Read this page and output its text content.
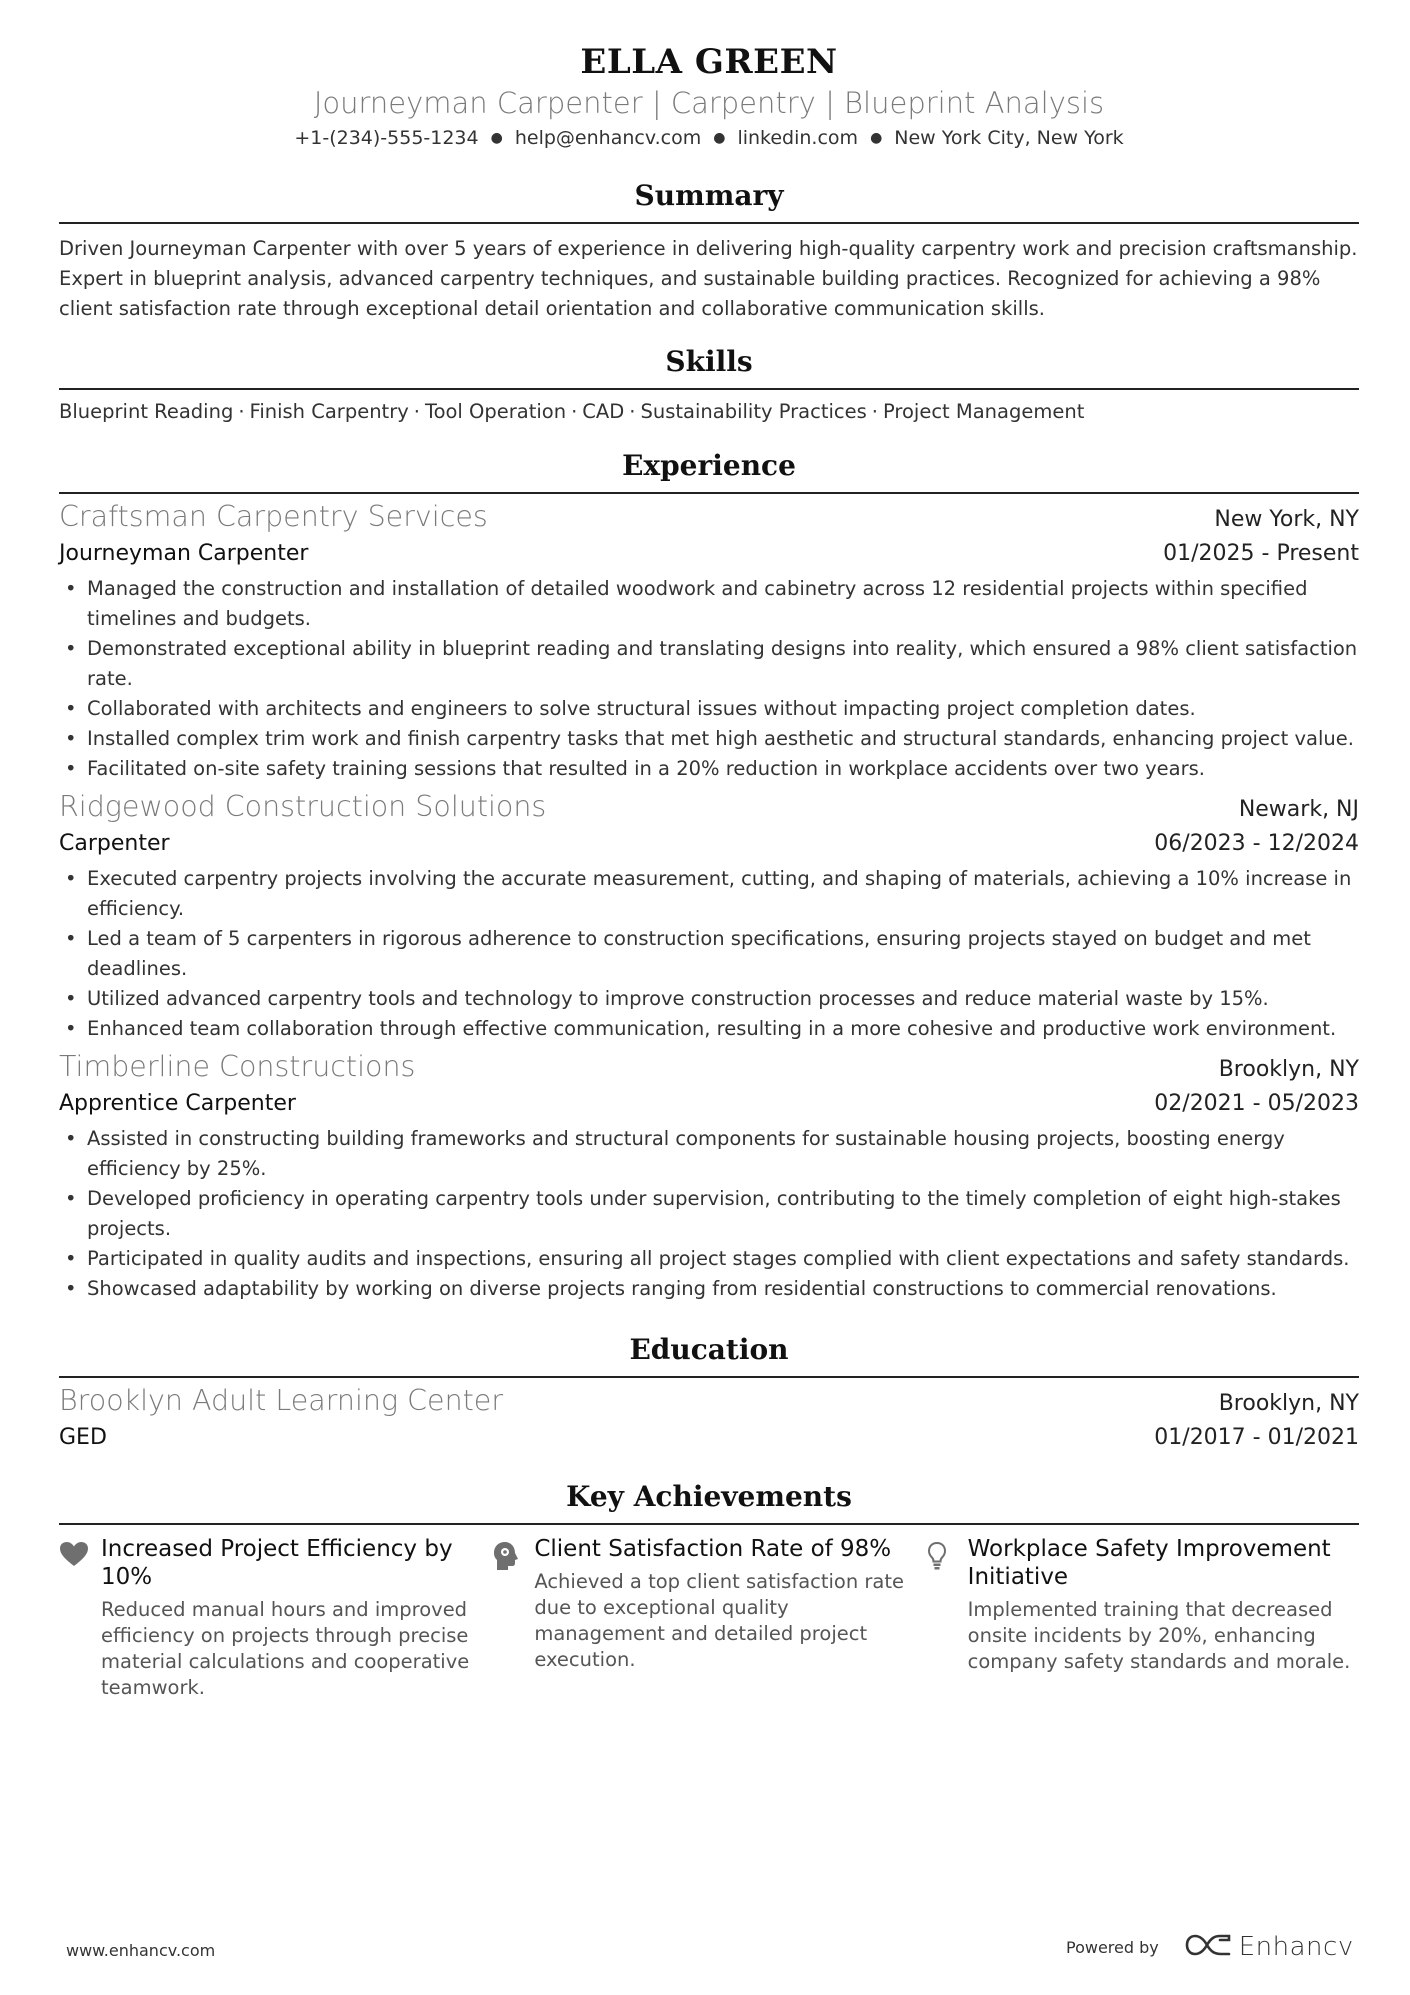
ELLA GREEN
Journeyman Carpenter | Carpentry | Blueprint Analysis
+1-(234)-555-1234 ● help@enhancv.com ● linkedin.com ● New York City, New York
Summary
Driven Journeyman Carpenter with over 5 years of experience in delivering high-quality carpentry work and precision craftsmanship. Expert in blueprint analysis, advanced carpentry techniques, and sustainable building practices. Recognized for achieving a 98% client satisfaction rate through exceptional detail orientation and collaborative communication skills.
Skills
Blueprint Reading · Finish Carpentry · Tool Operation · CAD · Sustainability Practices · Project Management
Experience
Craftsman Carpentry Services	New York, NY
Journeyman Carpenter	01/2025 - Present
• Managed the construction and installation of detailed woodwork and cabinetry across 12 residential projects within specified timelines and budgets.
• Demonstrated exceptional ability in blueprint reading and translating designs into reality, which ensured a 98% client satisfaction rate.
• Collaborated with architects and engineers to solve structural issues without impacting project completion dates.
• Installed complex trim work and finish carpentry tasks that met high aesthetic and structural standards, enhancing project value.
• Facilitated on-site safety training sessions that resulted in a 20% reduction in workplace accidents over two years.
Ridgewood Construction Solutions	Newark, NJ
Carpenter	06/2023 - 12/2024
• Executed carpentry projects involving the accurate measurement, cutting, and shaping of materials, achieving a 10% increase in efficiency.
• Led a team of 5 carpenters in rigorous adherence to construction specifications, ensuring projects stayed on budget and met deadlines.
• Utilized advanced carpentry tools and technology to improve construction processes and reduce material waste by 15%.
• Enhanced team collaboration through effective communication, resulting in a more cohesive and productive work environment.
Timberline Constructions	Brooklyn, NY
Apprentice Carpenter	02/2021 - 05/2023
• Assisted in constructing building frameworks and structural components for sustainable housing projects, boosting energy efficiency by 25%.
• Developed proficiency in operating carpentry tools under supervision, contributing to the timely completion of eight high-stakes projects.
• Participated in quality audits and inspections, ensuring all project stages complied with client expectations and safety standards.
• Showcased adaptability by working on diverse projects ranging from residential constructions to commercial renovations.
Education
Brooklyn Adult Learning Center	Brooklyn, NY
GED	01/2017 - 01/2021
Key Achievements
Increased Project Efficiency by 10%
Reduced manual hours and improved efficiency on projects through precise material calculations and cooperative teamwork.
Client Satisfaction Rate of 98%
Achieved a top client satisfaction rate due to exceptional quality management and detailed project execution.
Workplace Safety Improvement Initiative
Implemented training that decreased onsite incidents by 20%, enhancing company safety standards and morale.
www.enhancv.com	Powered by	Enhancv
